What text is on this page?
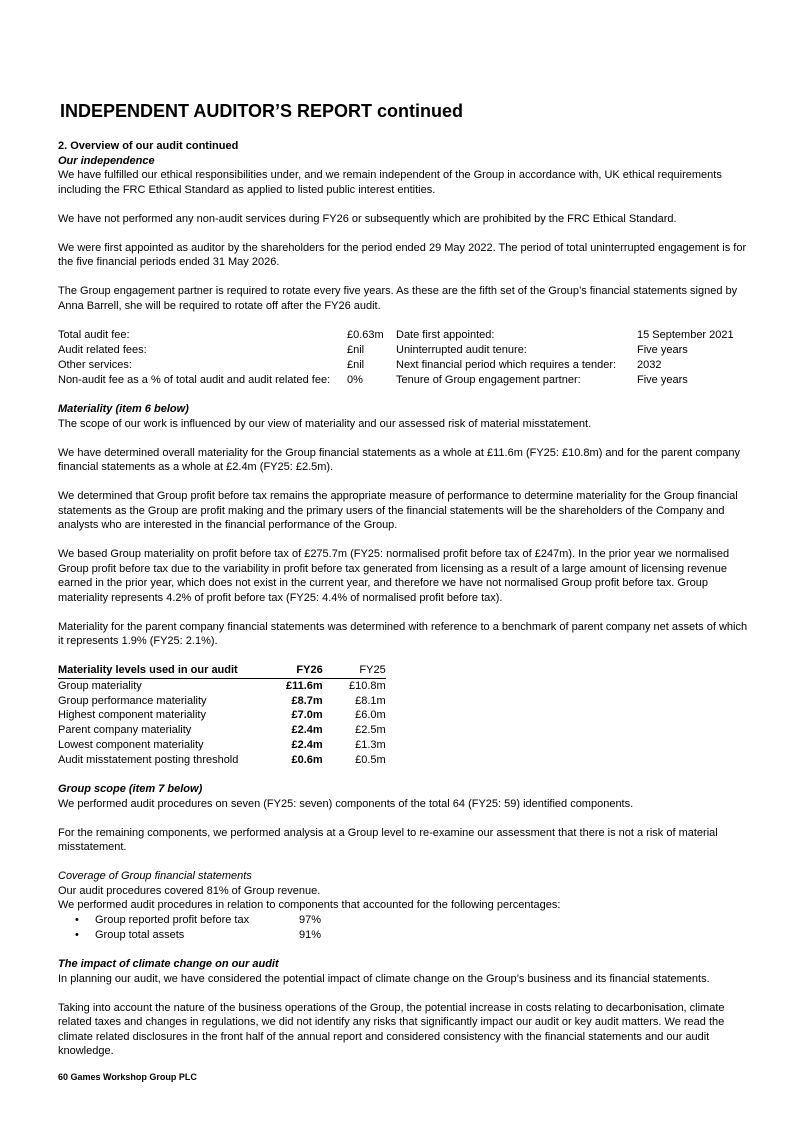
INDEPENDENT AUDITOR’S REPORT continued

2. Overview of our audit continued

Our independence

We have fulfilled our ethical responsibilities under, and we remain independent of the Group in accordance with, UK ethical requirements including the FRC Ethical Standard as applied to listed public interest entities.

We have not performed any non-audit services during FY26 or subsequently which are prohibited by the FRC Ethical Standard.

We were first appointed as auditor by the shareholders for the period ended 29 May 2022. The period of total uninterrupted engagement is for the five financial periods ended 31 May 2026.

The Group engagement partner is required to rotate every five years. As these are the fifth set of the Group’s financial statements signed by Anna Barrell, she will be required to rotate off after the FY26 audit.

Total audit fee:	£0.63m	Date first appointed:	15 September 2021
Audit related fees:	£nil	Uninterrupted audit tenure:	Five years
Other services:	£nil	Next financial period which requires a tender:	2032
Non-audit fee as a % of total audit and audit related fee:	0%	Tenure of Group engagement partner:	Five years

Materiality (item 6 below)

The scope of our work is influenced by our view of materiality and our assessed risk of material misstatement.

We have determined overall materiality for the Group financial statements as a whole at £11.6m (FY25: £10.8m) and for the parent company financial statements as a whole at £2.4m (FY25: £2.5m).

We determined that Group profit before tax remains the appropriate measure of performance to determine materiality for the Group financial statements as the Group are profit making and the primary users of the financial statements will be the shareholders of the Company and analysts who are interested in the financial performance of the Group.

We based Group materiality on profit before tax of £275.7m (FY25: normalised profit before tax of £247m). In the prior year we normalised Group profit before tax due to the variability in profit before tax generated from licensing as a result of a large amount of licensing revenue earned in the prior year, which does not exist in the current year, and therefore we have not normalised Group profit before tax. Group materiality represents 4.2% of profit before tax (FY25: 4.4% of normalised profit before tax).

Materiality for the parent company financial statements was determined with reference to a benchmark of parent company net assets of which it represents 1.9% (FY25: 2.1%).

Materiality levels used in our audit	FY26	FY25
Group materiality	£11.6m	£10.8m
Group performance materiality	£8.7m	£8.1m
Highest component materiality	£7.0m	£6.0m
Parent company materiality	£2.4m	£2.5m
Lowest component materiality	£2.4m	£1.3m
Audit misstatement posting threshold	£0.6m	£0.5m

Group scope (item 7 below)

We performed audit procedures on seven (FY25: seven) components of the total 64 (FY25: 59) identified components.

For the remaining components, we performed analysis at a Group level to re-examine our assessment that there is not a risk of material misstatement.

Coverage of Group financial statements

Our audit procedures covered 81% of Group revenue.

We performed audit procedures in relation to components that accounted for the following percentages:

• Group reported profit before tax	97%
• Group total assets	91%

The impact of climate change on our audit

In planning our audit, we have considered the potential impact of climate change on the Group’s business and its financial statements.

Taking into account the nature of the business operations of the Group, the potential increase in costs relating to decarbonisation, climate related taxes and changes in regulations, we did not identify any risks that significantly impact our audit or key audit matters. We read the climate related disclosures in the front half of the annual report and considered consistency with the financial statements and our audit knowledge.

60 Games Workshop Group PLC
